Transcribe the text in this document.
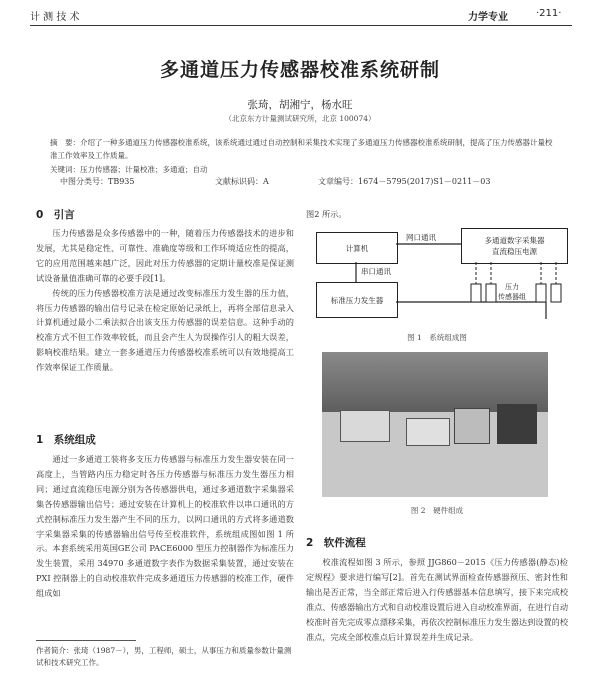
计 测 技 术	力学专业	·211·
多通道压力传感器校准系统研制
张琦，胡湘宁，杨水旺
（北京东方计量测试研究所，北京 100074）
摘　要：介绍了一种多通道压力传感器校准系统，该系统通过通过自动控制和采集技术实现了多通道压力传感器校准系统研制，提高了压力传感器计量校准工作效率及工作质量。
关键词：压力传感器；计量校准；多通道；自动
中图分类号：TB935	文献标识码：A	文章编号：1674－5795(2017)S1－0211－03
0　引言

压力传感器是众多传感器中的一种，随着压力传感器技术的进步和发展，尤其是稳定性、可靠性、准确度等级和工作环境适应性的提高，它的应用范围越来越广泛，因此对压力传感器的定期计量校准是保证测试设备量值准确可靠的必要手段[1]。

传统的压力传感器校准方法是通过改变标准压力发生器的压力值，将压力传感器的输出信号记录在检定原始记录纸上，再将全部信息录入计算机通过最小二乘法拟合出该支压力传感器的误差信息。这种手动的校准方式不但工作效率较低，而且会产生人为误操作引人的粗大误差，影响校准结果。建立一套多通道压力传感器校准系统可以有效地提高工作效率保证工作质量。

1　系统组成

通过一多通道工装将多支压力传感器与标准压力发生器安装在同一高度上，当管路内压力稳定时各压力传感器与标准压力发生器压力相同；通过直流稳压电源分别为各传感器供电，通过多通道数字采集器采集各传感器输出信号；通过安装在计算机上的校准软件以串口通讯的方式控制标准压力发生器产生不同的压力，以网口通讯的方式将多通道数字采集器采集的传感器输出信号传至校准软件，系统组成图如图 1 所示。本套系统采用英国GE公司 PACE6000 型压力控制器作为标准压力发生装置，采用 34970 多通道数字表作为数据采集装置，通过安装在 PXI 控制器上的自动校准软件完成多通道压力传感器的校准工作，硬件组成如

作者简介：张琦（1987－），男，工程师，硕士，从事压力和质量参数计量测试和技术研究工作。
图2 所示。
计算机
多通道数字采集器
直流稳压电源
标准压力发生器
网口通讯
串口通讯
压力
传感器组
图 1　系统组成图
图 2　硬件组成
2　软件流程

校准流程如图 3 所示，参照 JJG860－2015《压力传感器(静态)检定规程》要求进行编写[2]。首先在测试界面检查传感器预压、密封性和输出是否正常，当全部正常后进入行传感器基本信息填写，接下来完成校准点、传感器输出方式和自动校准设置后进入自动校准界面，在进行自动校准时首先完成零点漂移采集，再依次控制标准压力发生器达到设置的校准点，完成全部校准点后计算误差并生成记录。
